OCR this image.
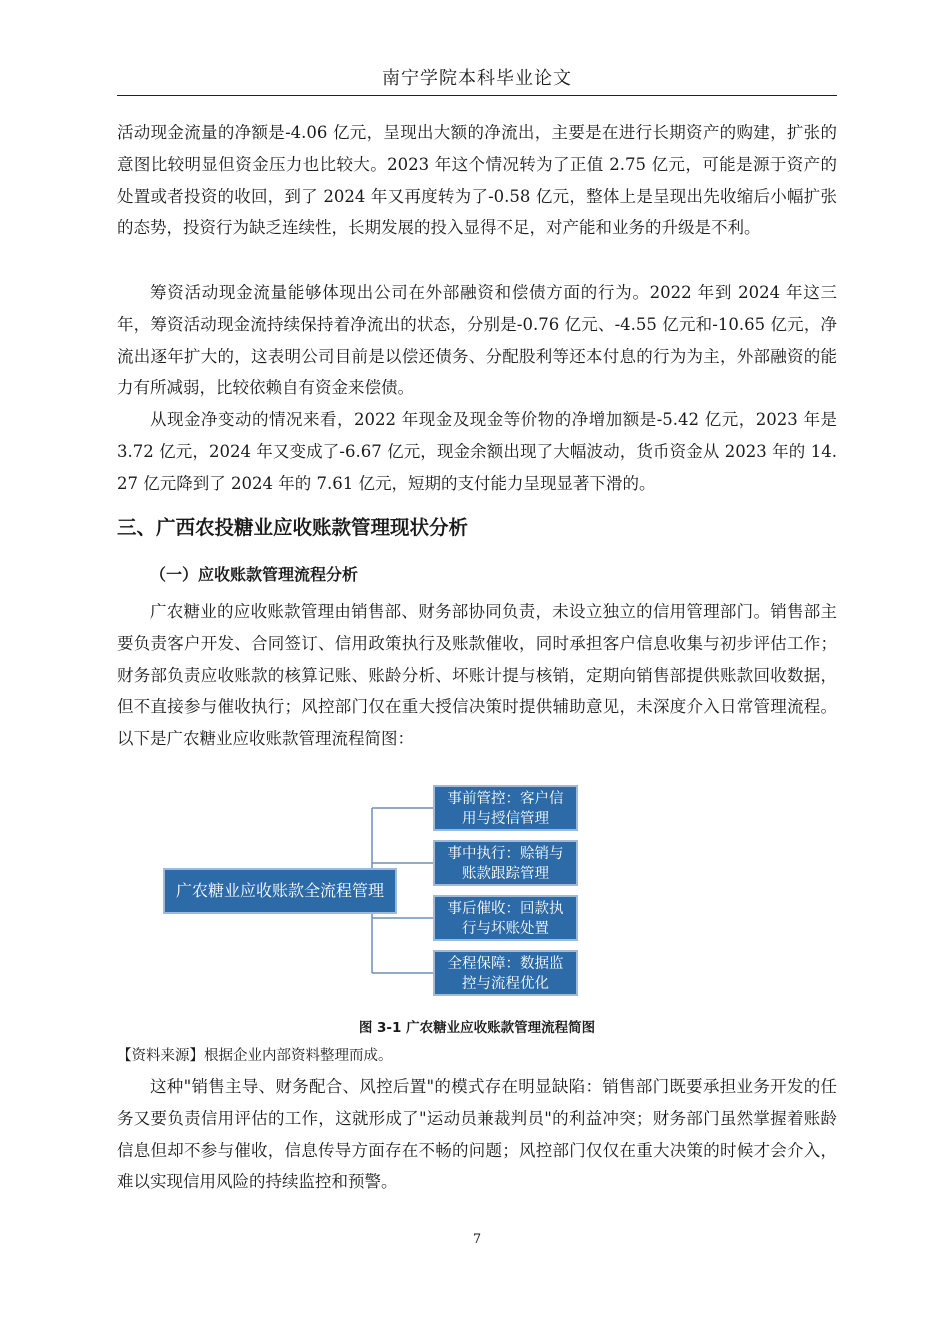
南宁学院本科毕业论文

活动现金流量的净额是-4.06 亿元，呈现出大额的净流出，主要是在进行长期资产的购建，扩张的意图比较明显但资金压力也比较大。2023 年这个情况转为了正值 2.75 亿元，可能是源于资产的处置或者投资的收回，到了 2024 年又再度转为了-0.58 亿元，整体上是呈现出先收缩后小幅扩张的态势，投资行为缺乏连续性，长期发展的投入显得不足，对产能和业务的升级是不利。

筹资活动现金流量能够体现出公司在外部融资和偿债方面的行为。2022 年到 2024 年这三年，筹资活动现金流持续保持着净流出的状态，分别是-0.76 亿元、-4.55 亿元和-10.65 亿元，净流出逐年扩大的，这表明公司目前是以偿还债务、分配股利等还本付息的行为为主，外部融资的能力有所减弱，比较依赖自有资金来偿债。

从现金净变动的情况来看，2022 年现金及现金等价物的净增加额是-5.42 亿元，2023 年是 3.72 亿元，2024 年又变成了-6.67 亿元，现金余额出现了大幅波动，货币资金从 2023 年的 14.27 亿元降到了 2024 年的 7.61 亿元，短期的支付能力呈现显著下滑的。

三、广西农投糖业应收账款管理现状分析
（一）应收账款管理流程分析

广农糖业的应收账款管理由销售部、财务部协同负责，未设立独立的信用管理部门。销售部主要负责客户开发、合同签订、信用政策执行及账款催收，同时承担客户信息收集与初步评估工作；财务部负责应收账款的核算记账、账龄分析、坏账计提与核销，定期向销售部提供账款回收数据，但不直接参与催收执行；风控部门仅在重大授信决策时提供辅助意见，未深度介入日常管理流程。以下是广农糖业应收账款管理流程简图：

广农糖业应收账款全流程管理
事前管控：客户信
用与授信管理
事中执行：赊销与
账款跟踪管理
事后催收：回款执
行与坏账处置
全程保障：数据监
控与流程优化
图 3-1 广农糖业应收账款管理流程简图
【资料来源】根据企业内部资料整理而成。

这种"销售主导、财务配合、风控后置"的模式存在明显缺陷：销售部门既要承担业务开发的任务又要负责信用评估的工作，这就形成了"运动员兼裁判员"的利益冲突；财务部门虽然掌握着账龄信息但却不参与催收，信息传导方面存在不畅的问题；风控部门仅仅在重大决策的时候才会介入，难以实现信用风险的持续监控和预警。

7
